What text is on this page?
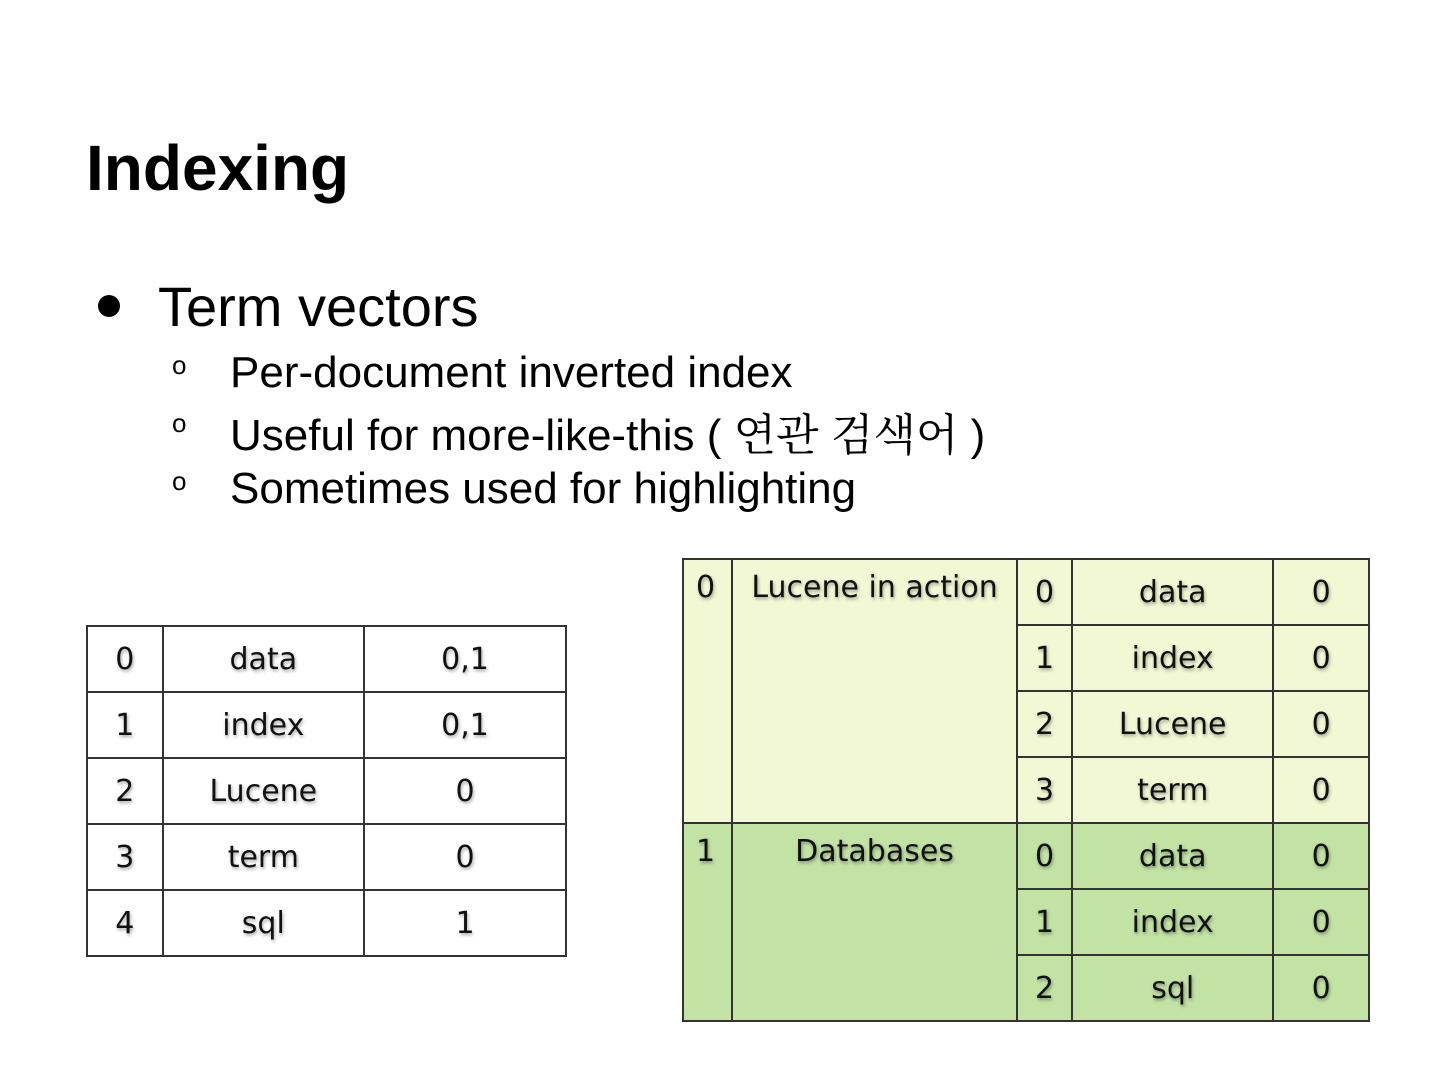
Indexing
Term vectors
o Per-document inverted index
o Useful for more-like-this ( 연관 검색어 )
o Sometimes used for highlighting
0	data	0,1
1	index	0,1
2	Lucene	0
3	term	0
4	sql	1
0	Lucene in action	0	data	0
		1	index	0
		2	Lucene	0
		3	term	0
1	Databases	0	data	0
		1	index	0
		2	sql	0
